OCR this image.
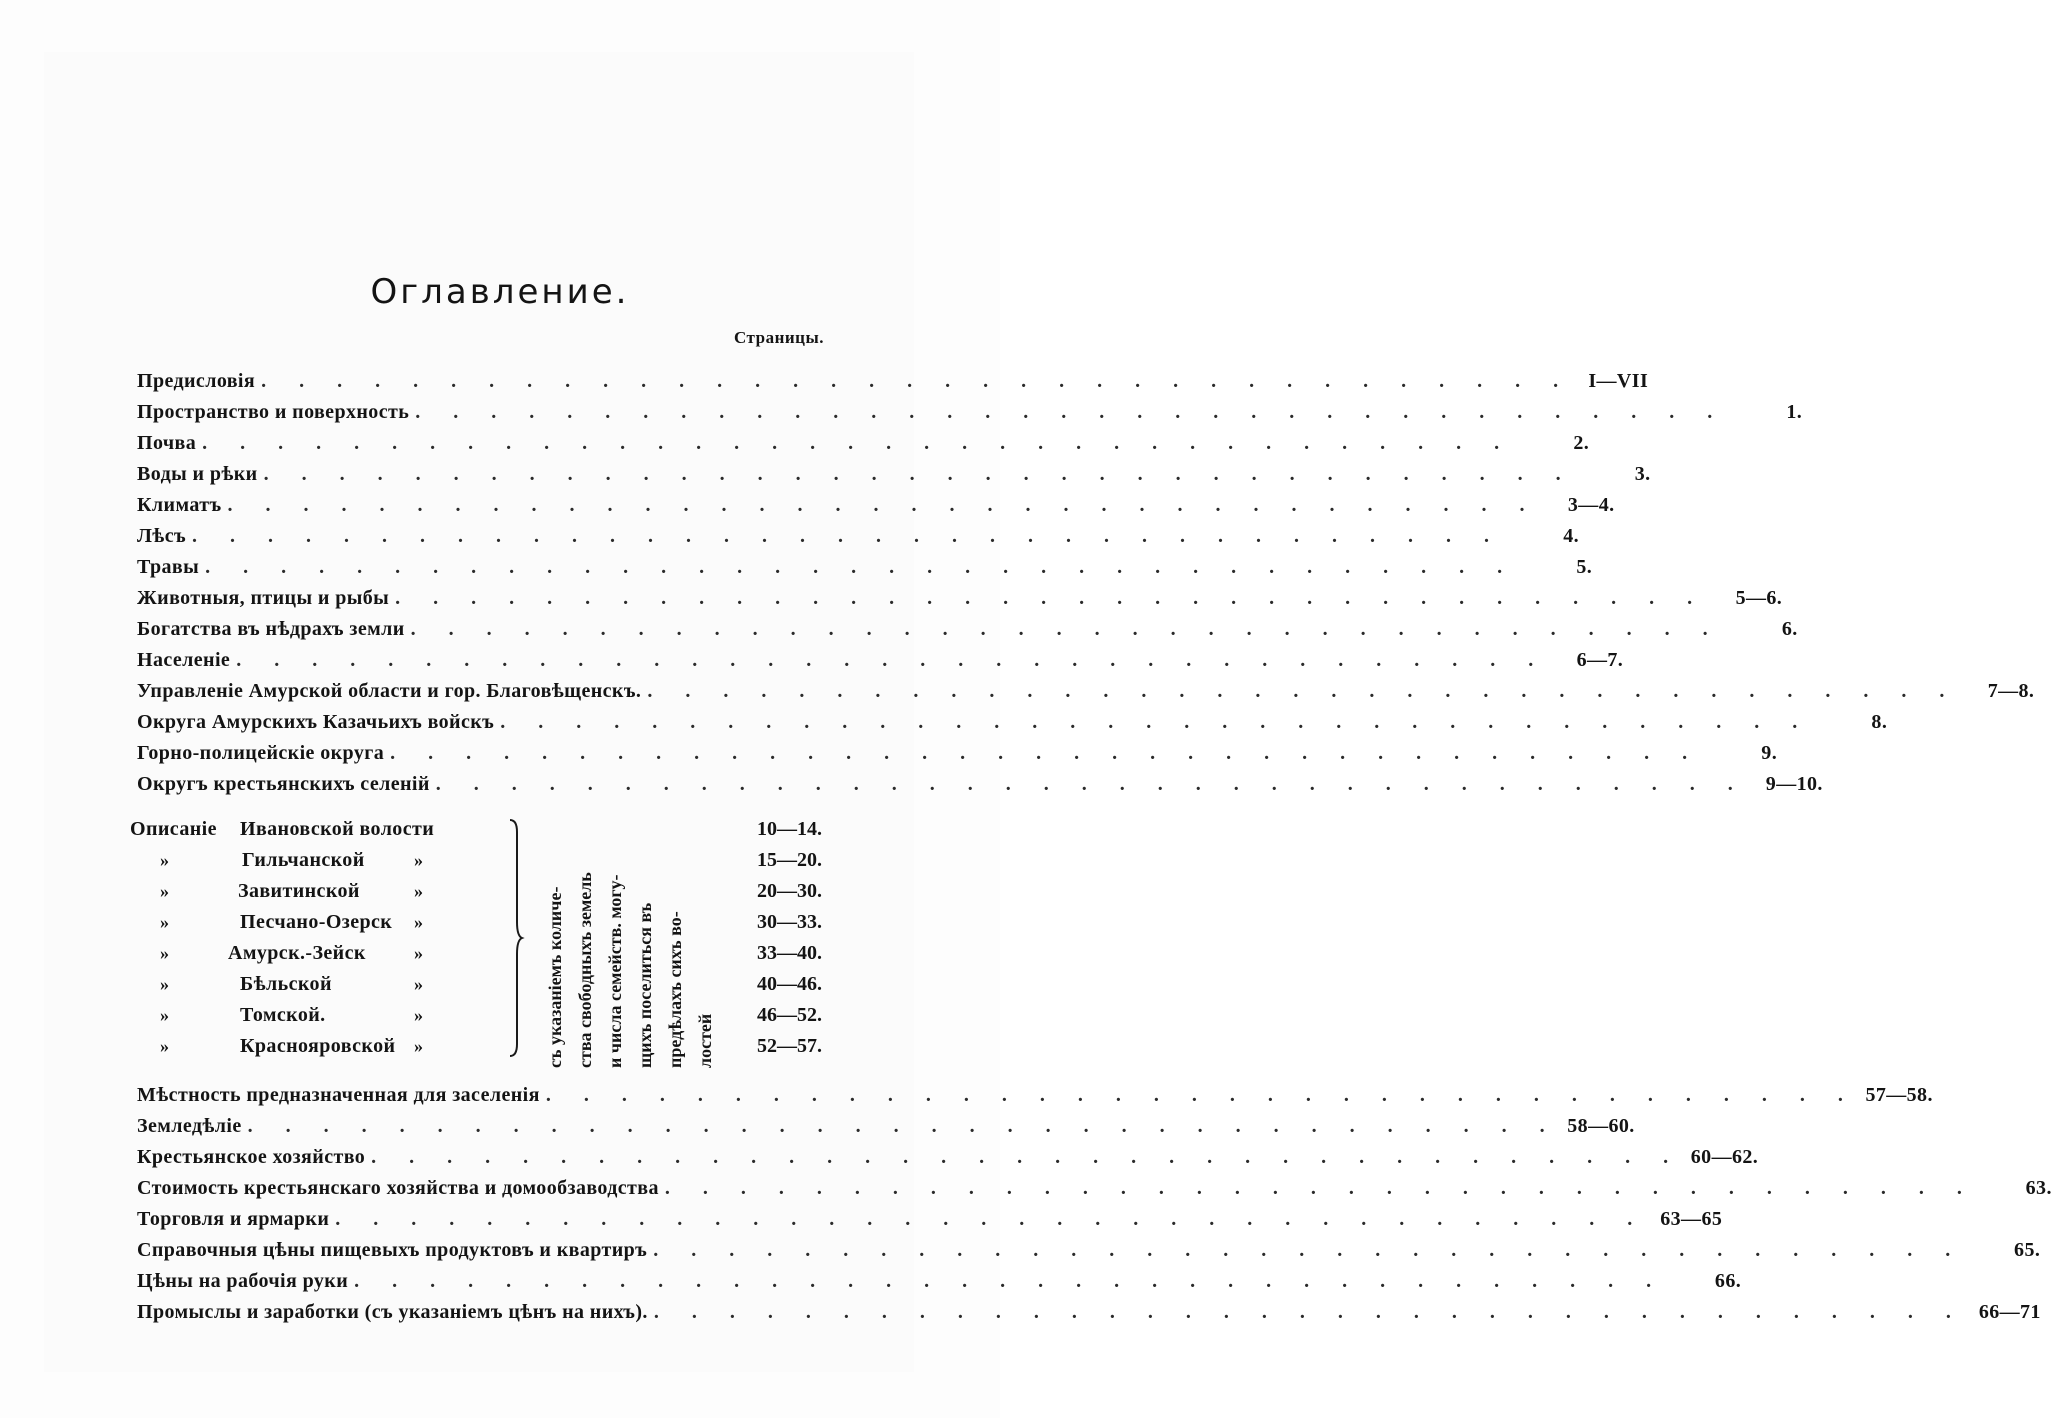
Оглавлениe.
Страницы.
Предисловія . . . . . . . . . . . . . . . . . . . . . . . . . . . . . . . . . . . I—VII
Пространство и поверхность . . . . . . . . . . . . . . . . . . . . . . . . . . . . . . . . . . .	1.
Почва . . . . . . . . . . . . . . . . . . . . . . . . . . . . . . . . . . .	2.
Воды и рѣки . . . . . . . . . . . . . . . . . . . . . . . . . . . . . . . . . . .	3.
Климатъ . . . . . . . . . . . . . . . . . . . . . . . . . . . . . . . . . . .	3—4.
Лѣсъ . . . . . . . . . . . . . . . . . . . . . . . . . . . . . . . . . . .	4.
Травы . . . . . . . . . . . . . . . . . . . . . . . . . . . . . . . . . . .	5.
Животныя, птицы и рыбы . . . . . . . . . . . . . . . . . . . . . . . . . . . . . . . . . . .	5—6.
Богатства въ нѣдрахъ земли . . . . . . . . . . . . . . . . . . . . . . . . . . . . . . . . . . .	6.
Населеніе . . . . . . . . . . . . . . . . . . . . . . . . . . . . . . . . . . .	6—7.
Управленіе Амурской области и гор. Благовѣщенскъ. . . . . . . . . . . . . . . . . . . . . . . . . . . . . . . . . . . .	7—8.
Округа Амурскихъ Казачьихъ войскъ . . . . . . . . . . . . . . . . . . . . . . . . . . . . . . . . . . .	8.
Горно-полицейскіе округа . . . . . . . . . . . . . . . . . . . . . . . . . . . . . . . . . . .	9.
Округъ крестьянскихъ селеній . . . . . . . . . . . . . . . . . . . . . . . . . . . . . . . . . . . 9—10.
Описаніе Ивановской волости	10—14.
»	Гильчанской	»	15—20.
»	Завитинской	»	20—30.
»	Песчано-Озерск »	30—33.
»	Амурск.-Зейск	»	33—40.
»	Бѣльской	»	40—46.
»	Томской.	»	46—52.
»	Краснояровской »	52—57.
съ указаніемъ количе- ства свободныхъ земель и числа семейств. могу- щихъ поселиться въ предѣлахъ сихъ во- лостей
Мѣстность предназначенная для заселенія . . . . . . . . . . . . . . . . . . . . . . . . . . . . . . . . . . . 57—58.
Земледѣліе . . . . . . . . . . . . . . . . . . . . . . . . . . . . . . . . . . . 58—60.
Крестьянское хозяйство . . . . . . . . . . . . . . . . . . . . . . . . . . . . . . . . . . . 60—62.
Стоимость крестьянскаго хозяйства и домообзаводства . . . . . . . . . . . . . . . . . . . . . . . . . . . . . . . . . . .	63.
Торговля и ярмарки . . . . . . . . . . . . . . . . . . . . . . . . . . . . . . . . . . . 63—65
Справочныя цѣны пищевыхъ продуктовъ и квартиръ . . . . . . . . . . . . . . . . . . . . . . . . . . . . . . . . . . .	65.
Цѣны на рабочія руки . . . . . . . . . . . . . . . . . . . . . . . . . . . . . . . . . . .	66.
Промыслы и заработки (съ указаніемъ цѣнъ на нихъ). . . . . . . . . . . . . . . . . . . . . . . . . . . . . . . . . . . . 66—71
